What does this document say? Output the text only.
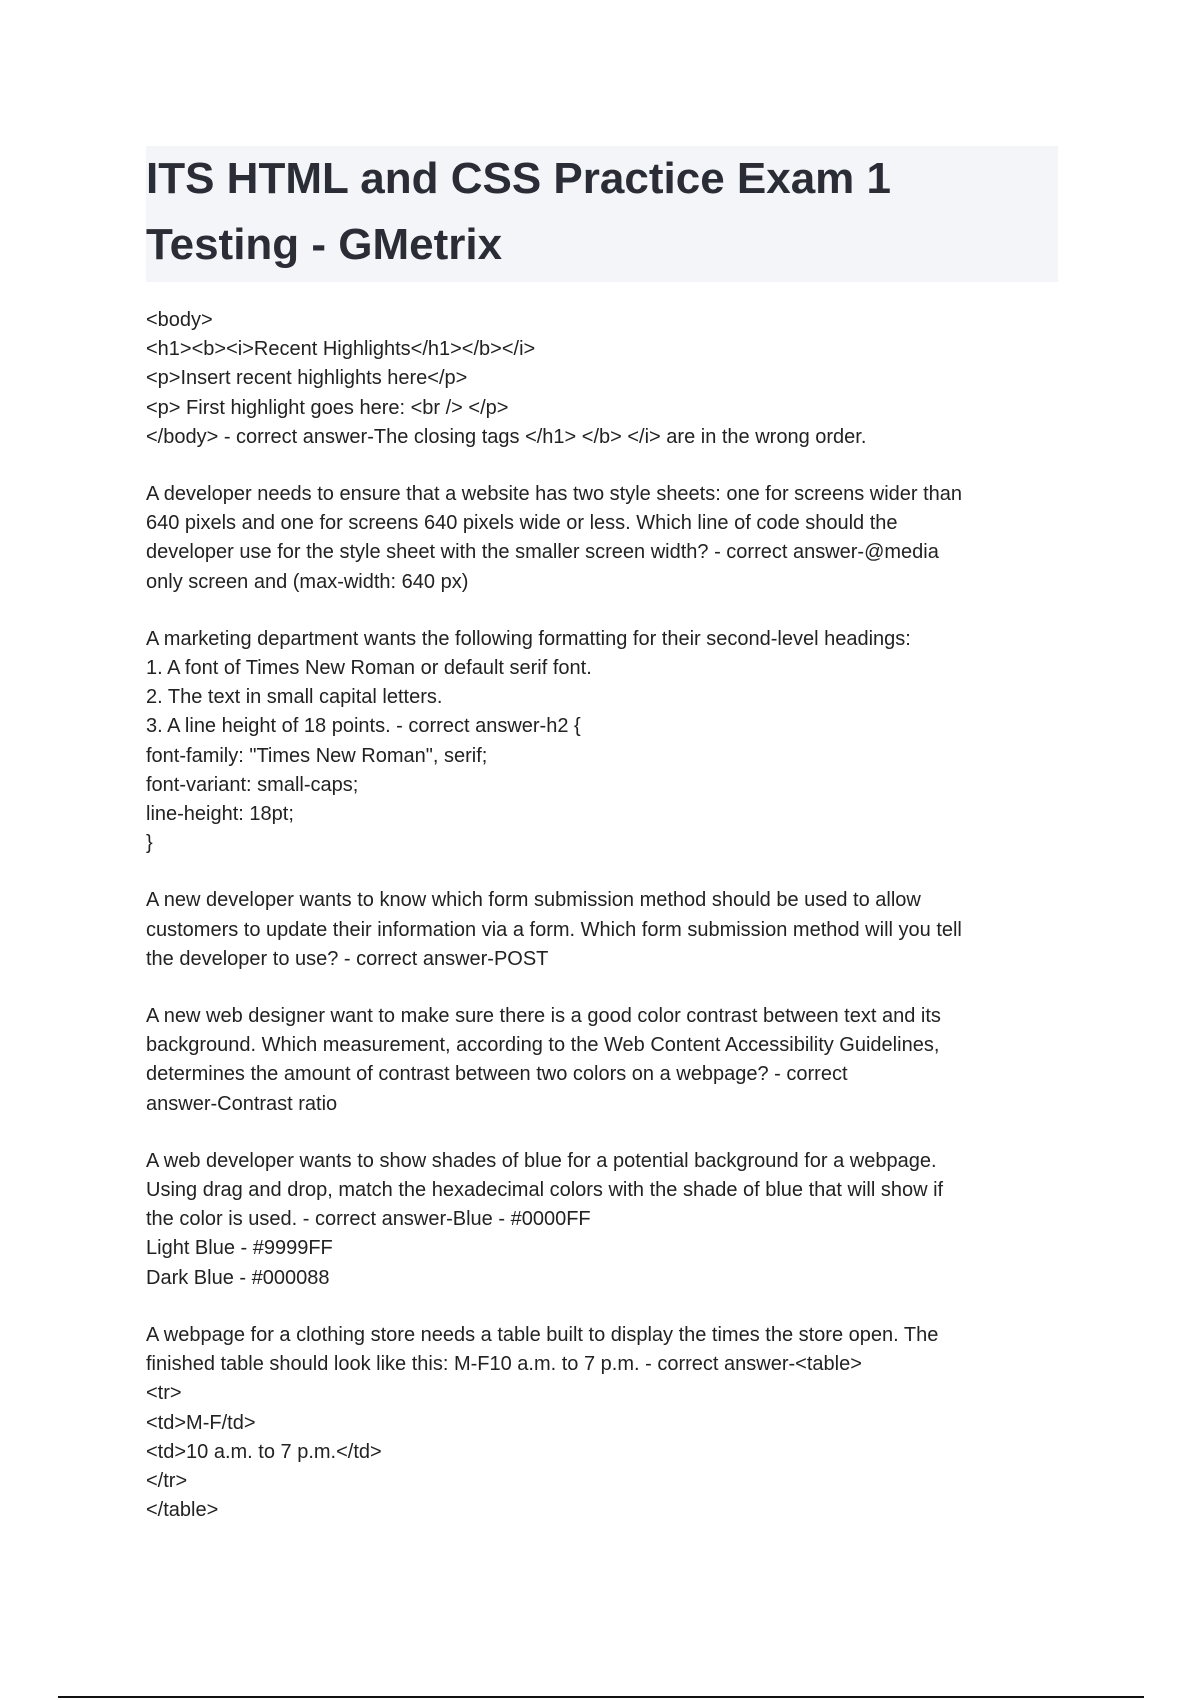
ITS HTML and CSS Practice Exam 1
Testing - GMetrix
<body>
<h1><b><i>Recent Highlights</h1></b></i>
<p>Insert recent highlights here</p>
<p> First highlight goes here: <br /> </p>
</body> - correct answer-The closing tags </h1> </b> </i> are in the wrong order.
A developer needs to ensure that a website has two style sheets: one for screens wider than
640 pixels and one for screens 640 pixels wide or less. Which line of code should the
developer use for the style sheet with the smaller screen width? - correct answer-@media
only screen and (max-width: 640 px)
A marketing department wants the following formatting for their second-level headings:
1. A font of Times New Roman or default serif font.
2. The text in small capital letters.
3. A line height of 18 points. - correct answer-h2 {
font-family: "Times New Roman", serif;
font-variant: small-caps;
line-height: 18pt;
}
A new developer wants to know which form submission method should be used to allow
customers to update their information via a form. Which form submission method will you tell
the developer to use? - correct answer-POST
A new web designer want to make sure there is a good color contrast between text and its
background. Which measurement, according to the Web Content Accessibility Guidelines,
determines the amount of contrast between two colors on a webpage? - correct
answer-Contrast ratio
A web developer wants to show shades of blue for a potential background for a webpage.
Using drag and drop, match the hexadecimal colors with the shade of blue that will show if
the color is used. - correct answer-Blue - #0000FF
Light Blue - #9999FF
Dark Blue - #000088
A webpage for a clothing store needs a table built to display the times the store open. The
finished table should look like this: M-F10 a.m. to 7 p.m. - correct answer-<table>
<tr>
<td>M-F/td>
<td>10 a.m. to 7 p.m.</td>
</tr>
</table>
